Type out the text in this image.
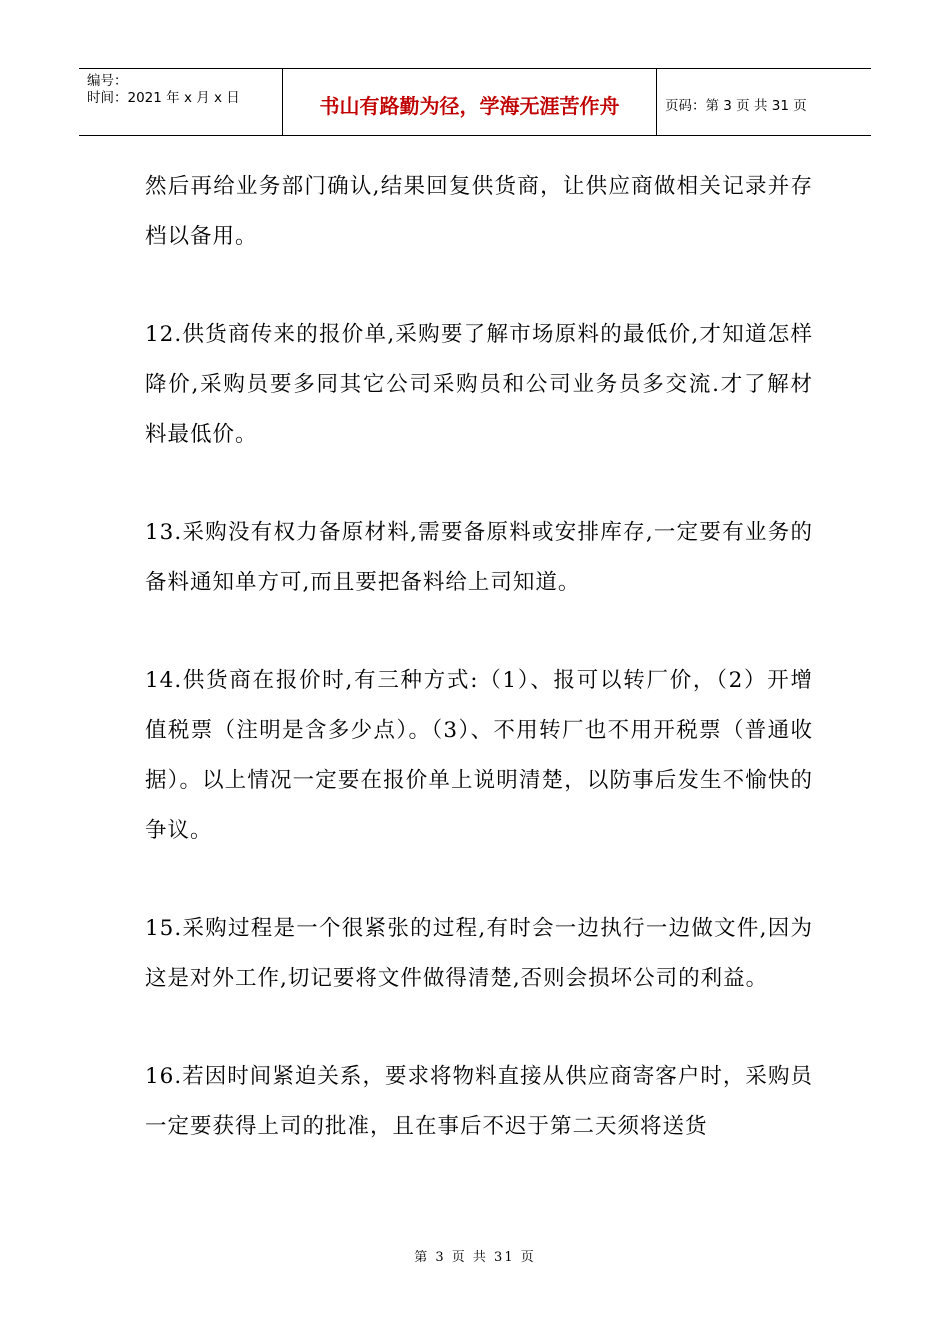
编号：
时间：2021 年 x 月 x 日	书山有路勤为径，学海无涯苦作舟	页码：第 3 页 共 31 页

然后再给业务部门确认,结果回复供货商，让供应商做相关记录并存档以备用。

12.供货商传来的报价单,采购要了解市场原料的最低价,才知道怎样降价,采购员要多同其它公司采购员和公司业务员多交流.才了解材料最低价。

13.采购没有权力备原材料,需要备原料或安排库存,一定要有业务的备料通知单方可,而且要把备料给上司知道。

14.供货商在报价时,有三种方式:（1）、报可以转厂价，（2）开增值税票（注明是含多少点）。（3）、不用转厂也不用开税票（普通收据）。以上情况一定要在报价单上说明清楚，以防事后发生不愉快的争议。

15.采购过程是一个很紧张的过程,有时会一边执行一边做文件,因为这是对外工作,切记要将文件做得清楚,否则会损坏公司的利益。

16.若因时间紧迫关系，要求将物料直接从供应商寄客户时，采购员一定要获得上司的批准，且在事后不迟于第二天须将送货

第 3 页 共 31 页
